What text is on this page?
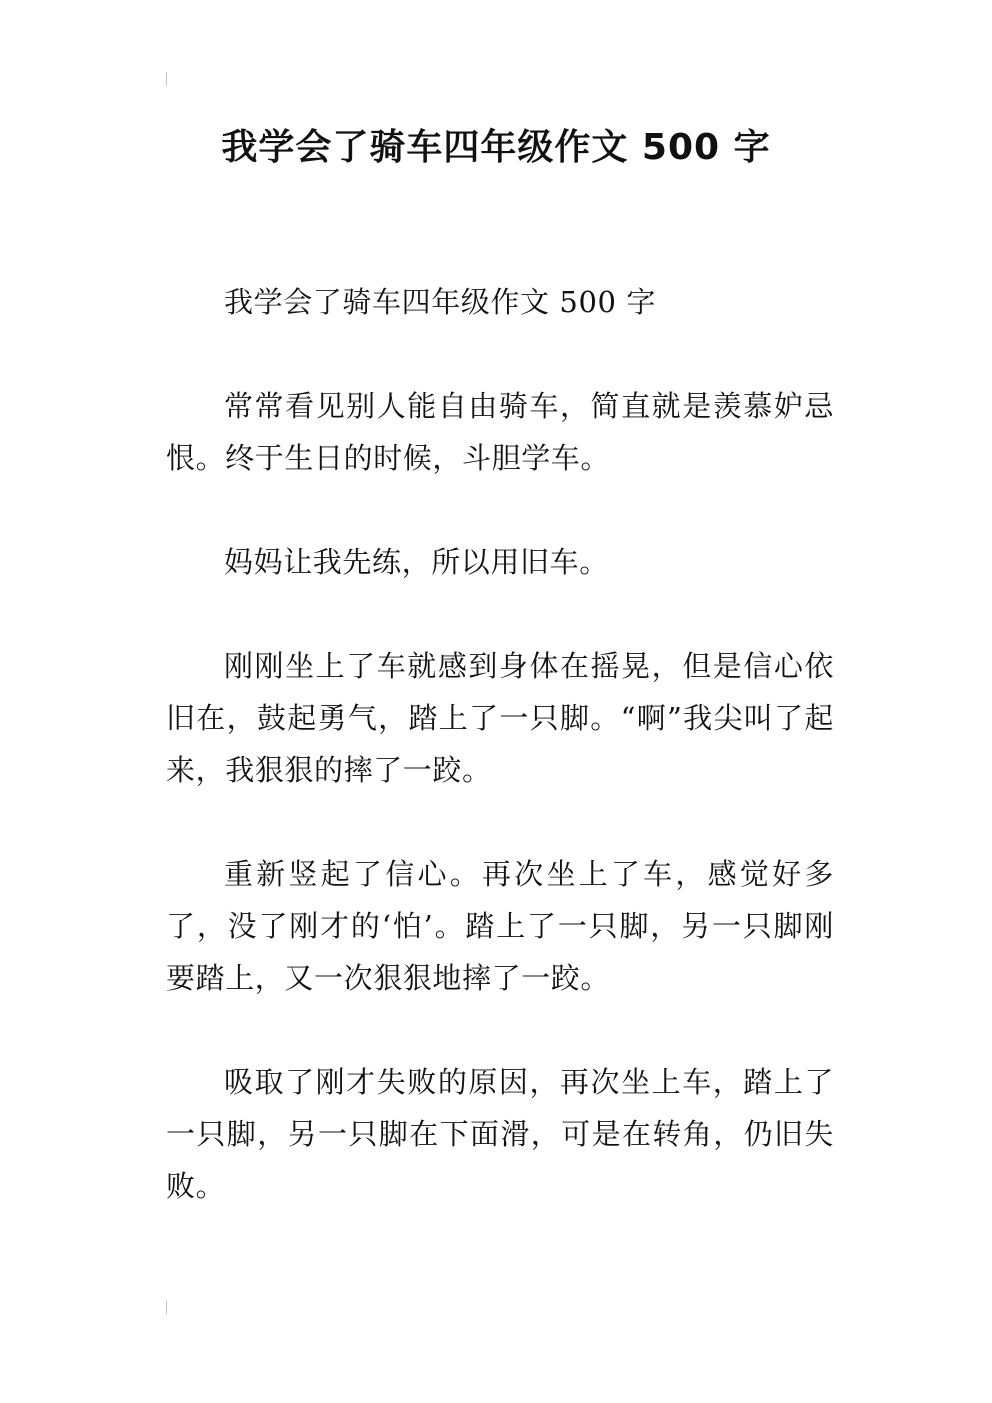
我学会了骑车四年级作文 500 字

我学会了骑车四年级作文 500 字

常常看见别人能自由骑车，简直就是羡慕妒忌恨。终于生日的时候，斗胆学车。

妈妈让我先练，所以用旧车。

刚刚坐上了车就感到身体在摇晃，但是信心依旧在，鼓起勇气，踏上了一只脚。“啊”我尖叫了起来，我狠狠的摔了一跤。

重新竖起了信心。再次坐上了车，感觉好多了，没了刚才的‘怕’。踏上了一只脚，另一只脚刚要踏上，又一次狠狠地摔了一跤。

吸取了刚才失败的原因，再次坐上车，踏上了一只脚，另一只脚在下面滑，可是在转角，仍旧失败。
